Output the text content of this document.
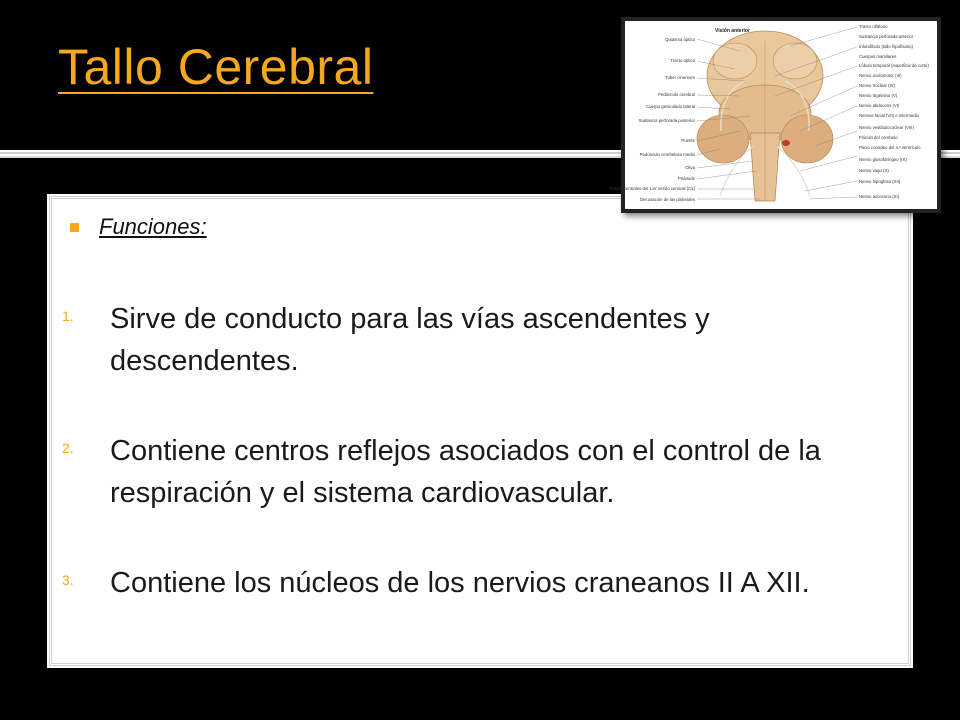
Tallo Cerebral
Funciones:
1.	Sirve de conducto para las vías ascendentes y descendentes.
2.	Contiene centros reflejos asociados con el control de la respiración y el sistema cardiovascular.
3.	Contiene los núcleos de los nervios craneanos II A XII.
Visión anterior
Quiasma óptico
Tracto óptico
Tuber cinereum
Pedúnculo cerebral
Cuerpo geniculado lateral
Sustancia perforada posterior
Puente
Pedúnculo cerebeloso medio
Oliva
Pirámide
Raíces ventrales del 1.er nervio cervical (C1)
Decusación de las pirámides
Tracto olfatorio
Sustancia perforada anterior
Infundíbulo (tallo hipofisario)
Cuerpos mamilares
Lóbulo temporal (superficie de corte)
Nervio oculomotor (III)
Nervio troclear (IV)
Nervio trigémino (V)
Nervio abducens (VI)
Nervios facial (VII) e intermedio
Nervio vestibulococlear (VIII)
Flóculo del cerebelo
Plexo coroideo del 4.º ventrículo
Nervio glosofaríngeo (IX)
Nervio vago (X)
Nervio hipogloso (XII)
Nervio accesorio (XI)
